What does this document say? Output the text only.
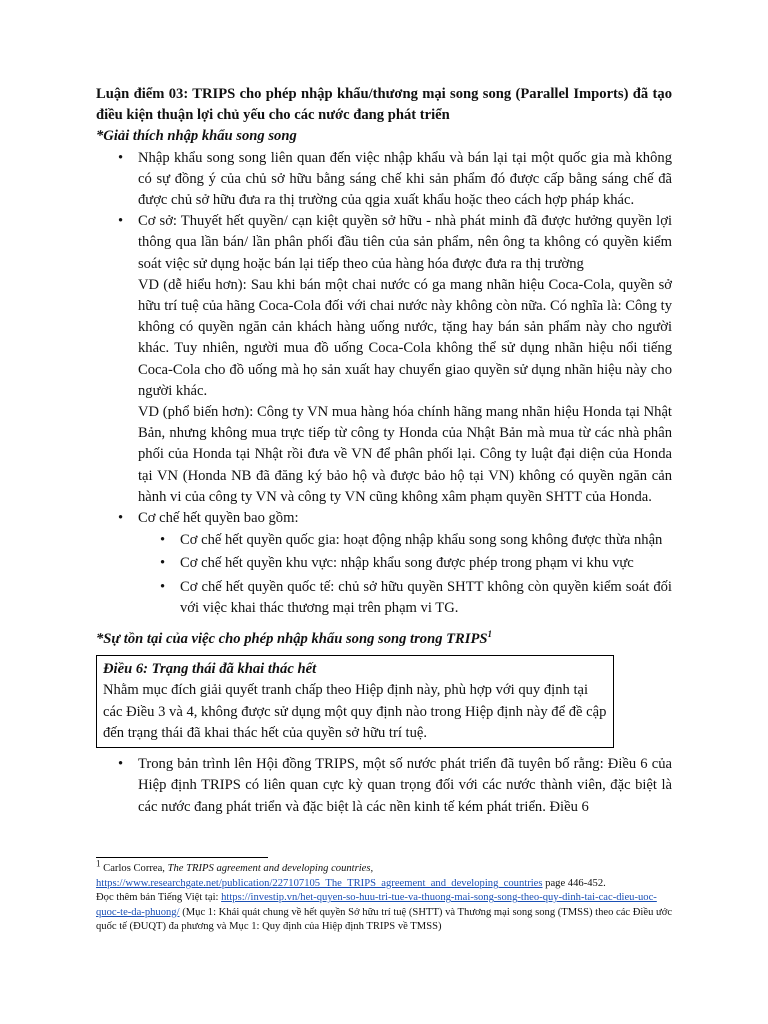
Luận điểm 03: TRIPS cho phép nhập khẩu/thương mại song song (Parallel Imports) đã tạo điều kiện thuận lợi chủ yếu cho các nước đang phát triển

*Giải thích nhập khẩu song song

• Nhập khẩu song song liên quan đến việc nhập khẩu và bán lại tại một quốc gia mà không có sự đồng ý của chủ sở hữu bằng sáng chế khi sản phẩm đó được cấp bằng sáng chế đã được chủ sở hữu đưa ra thị trường của qgia xuất khẩu hoặc theo cách hợp pháp khác.
• Cơ sở: Thuyết hết quyền/ cạn kiệt quyền sở hữu - nhà phát minh đã được hưởng quyền lợi thông qua lần bán/ lần phân phối đầu tiên của sản phẩm, nên ông ta không có quyền kiểm soát việc sử dụng hoặc bán lại tiếp theo của hàng hóa được đưa ra thị trường

VD (dễ hiểu hơn): Sau khi bán một chai nước có ga mang nhãn hiệu Coca-Cola, quyền sở hữu trí tuệ của hãng Coca-Cola đối với chai nước này không còn nữa. Có nghĩa là: Công ty không có quyền ngăn cản khách hàng uống nước, tặng hay bán sản phẩm này cho người khác. Tuy nhiên, người mua đồ uống Coca-Cola không thể sử dụng nhãn hiệu nổi tiếng Coca-Cola cho đồ uống mà họ sản xuất hay chuyển giao quyền sử dụng nhãn hiệu này cho người khác.

VD (phổ biến hơn): Công ty VN mua hàng hóa chính hãng mang nhãn hiệu Honda tại Nhật Bản, nhưng không mua trực tiếp từ công ty Honda của Nhật Bản mà mua từ các nhà phân phối của Honda tại Nhật rồi đưa về VN để phân phối lại. Công ty luật đại diện của Honda tại VN (Honda NB đã đăng ký bảo hộ và được bảo hộ tại VN) không có quyền ngăn cản hành vi của công ty VN và công ty VN cũng không xâm phạm quyền SHTT của Honda.

• Cơ chế hết quyền bao gồm:
• Cơ chế hết quyền quốc gia: hoạt động nhập khẩu song song không được thừa nhận
• Cơ chế hết quyền khu vực: nhập khẩu song được phép trong phạm vi khu vực
• Cơ chế hết quyền quốc tế: chủ sở hữu quyền SHTT không còn quyền kiểm soát đối với việc khai thác thương mại trên phạm vi TG.

*Sự tồn tại của việc cho phép nhập khẩu song song trong TRIPS$^1$

Điều 6: Trạng thái đã khai thác hết

Nhằm mục đích giải quyết tranh chấp theo Hiệp định này, phù hợp với quy định tại các Điều 3 và 4, không được sử dụng một quy định nào trong Hiệp định này để đề cập đến trạng thái đã khai thác hết của quyền sở hữu trí tuệ.

• Trong bản trình lên Hội đồng TRIPS, một số nước phát triển đã tuyên bố rằng: Điều 6 của Hiệp định TRIPS có liên quan cực kỳ quan trọng đối với các nước thành viên, đặc biệt là các nước đang phát triển và đặc biệt là các nền kinh tế kém phát triển. Điều 6

$^1$ Carlos Correa, The TRIPS agreement and developing countries,
https://www.researchgate.net/publication/227107105_The_TRIPS_agreement_and_developing_countries page 446-452.
Đọc thêm bản Tiếng Việt tại: https://investip.vn/het-quyen-so-huu-tri-tue-va-thuong-mai-song-song-theo-quy-dinh-tai-cac-dieu-uoc-quoc-te-da-phuong/ (Mục 1: Khái quát chung về hết quyền Sở hữu trí tuệ (SHTT) và Thương mại song song (TMSS) theo các Điều ước quốc tế (ĐUQT) đa phương và Mục 1: Quy định của Hiệp định TRIPS về TMSS)
